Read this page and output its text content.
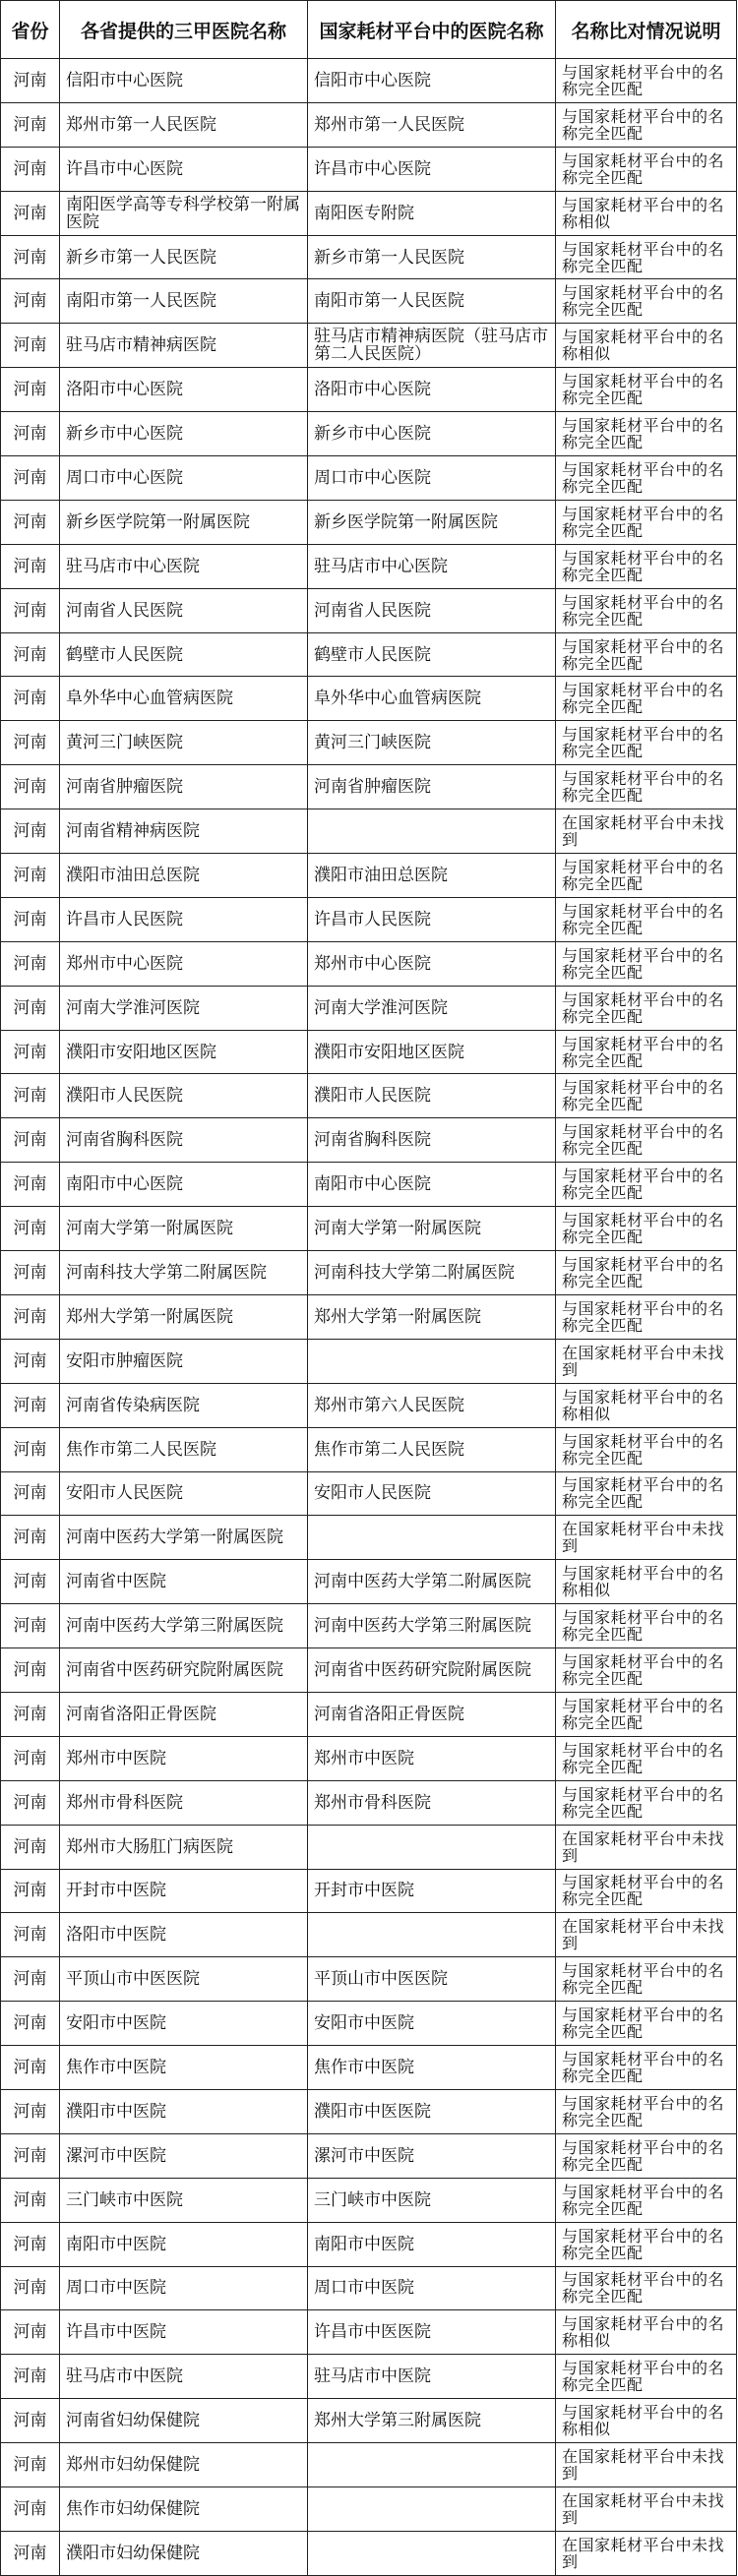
省份	各省提供的三甲医院名称	国家耗材平台中的医院名称	名称比对情况说明
河南	信阳市中心医院	信阳市中心医院	与国家耗材平台中的名称完全匹配
河南	郑州市第一人民医院	郑州市第一人民医院	与国家耗材平台中的名称完全匹配
河南	许昌市中心医院	许昌市中心医院	与国家耗材平台中的名称完全匹配
河南	南阳医学高等专科学校第一附属医院	南阳医专附院	与国家耗材平台中的名称相似
河南	新乡市第一人民医院	新乡市第一人民医院	与国家耗材平台中的名称完全匹配
河南	南阳市第一人民医院	南阳市第一人民医院	与国家耗材平台中的名称完全匹配
河南	驻马店市精神病医院	驻马店市精神病医院（驻马店市第二人民医院）	与国家耗材平台中的名称相似
河南	洛阳市中心医院	洛阳市中心医院	与国家耗材平台中的名称完全匹配
河南	新乡市中心医院	新乡市中心医院	与国家耗材平台中的名称完全匹配
河南	周口市中心医院	周口市中心医院	与国家耗材平台中的名称完全匹配
河南	新乡医学院第一附属医院	新乡医学院第一附属医院	与国家耗材平台中的名称完全匹配
河南	驻马店市中心医院	驻马店市中心医院	与国家耗材平台中的名称完全匹配
河南	河南省人民医院	河南省人民医院	与国家耗材平台中的名称完全匹配
河南	鹤壁市人民医院	鹤壁市人民医院	与国家耗材平台中的名称完全匹配
河南	阜外华中心血管病医院	阜外华中心血管病医院	与国家耗材平台中的名称完全匹配
河南	黄河三门峡医院	黄河三门峡医院	与国家耗材平台中的名称完全匹配
河南	河南省肿瘤医院	河南省肿瘤医院	与国家耗材平台中的名称完全匹配
河南	河南省精神病医院		在国家耗材平台中未找到
河南	濮阳市油田总医院	濮阳市油田总医院	与国家耗材平台中的名称完全匹配
河南	许昌市人民医院	许昌市人民医院	与国家耗材平台中的名称完全匹配
河南	郑州市中心医院	郑州市中心医院	与国家耗材平台中的名称完全匹配
河南	河南大学淮河医院	河南大学淮河医院	与国家耗材平台中的名称完全匹配
河南	濮阳市安阳地区医院	濮阳市安阳地区医院	与国家耗材平台中的名称完全匹配
河南	濮阳市人民医院	濮阳市人民医院	与国家耗材平台中的名称完全匹配
河南	河南省胸科医院	河南省胸科医院	与国家耗材平台中的名称完全匹配
河南	南阳市中心医院	南阳市中心医院	与国家耗材平台中的名称完全匹配
河南	河南大学第一附属医院	河南大学第一附属医院	与国家耗材平台中的名称完全匹配
河南	河南科技大学第二附属医院	河南科技大学第二附属医院	与国家耗材平台中的名称完全匹配
河南	郑州大学第一附属医院	郑州大学第一附属医院	与国家耗材平台中的名称完全匹配
河南	安阳市肿瘤医院		在国家耗材平台中未找到
河南	河南省传染病医院	郑州市第六人民医院	与国家耗材平台中的名称相似
河南	焦作市第二人民医院	焦作市第二人民医院	与国家耗材平台中的名称完全匹配
河南	安阳市人民医院	安阳市人民医院	与国家耗材平台中的名称完全匹配
河南	河南中医药大学第一附属医院		在国家耗材平台中未找到
河南	河南省中医院	河南中医药大学第二附属医院	与国家耗材平台中的名称相似
河南	河南中医药大学第三附属医院	河南中医药大学第三附属医院	与国家耗材平台中的名称完全匹配
河南	河南省中医药研究院附属医院	河南省中医药研究院附属医院	与国家耗材平台中的名称完全匹配
河南	河南省洛阳正骨医院	河南省洛阳正骨医院	与国家耗材平台中的名称完全匹配
河南	郑州市中医院	郑州市中医院	与国家耗材平台中的名称完全匹配
河南	郑州市骨科医院	郑州市骨科医院	与国家耗材平台中的名称完全匹配
河南	郑州市大肠肛门病医院		在国家耗材平台中未找到
河南	开封市中医院	开封市中医院	与国家耗材平台中的名称完全匹配
河南	洛阳市中医院		在国家耗材平台中未找到
河南	平顶山市中医医院	平顶山市中医医院	与国家耗材平台中的名称完全匹配
河南	安阳市中医院	安阳市中医院	与国家耗材平台中的名称完全匹配
河南	焦作市中医院	焦作市中医院	与国家耗材平台中的名称完全匹配
河南	濮阳市中医院	濮阳市中医医院	与国家耗材平台中的名称完全匹配
河南	漯河市中医院	漯河市中医院	与国家耗材平台中的名称完全匹配
河南	三门峡市中医院	三门峡市中医院	与国家耗材平台中的名称完全匹配
河南	南阳市中医院	南阳市中医院	与国家耗材平台中的名称完全匹配
河南	周口市中医院	周口市中医院	与国家耗材平台中的名称完全匹配
河南	许昌市中医院	许昌市中医医院	与国家耗材平台中的名称相似
河南	驻马店市中医院	驻马店市中医院	与国家耗材平台中的名称完全匹配
河南	河南省妇幼保健院	郑州大学第三附属医院	与国家耗材平台中的名称相似
河南	郑州市妇幼保健院		在国家耗材平台中未找到
河南	焦作市妇幼保健院		在国家耗材平台中未找到
河南	濮阳市妇幼保健院		在国家耗材平台中未找到
